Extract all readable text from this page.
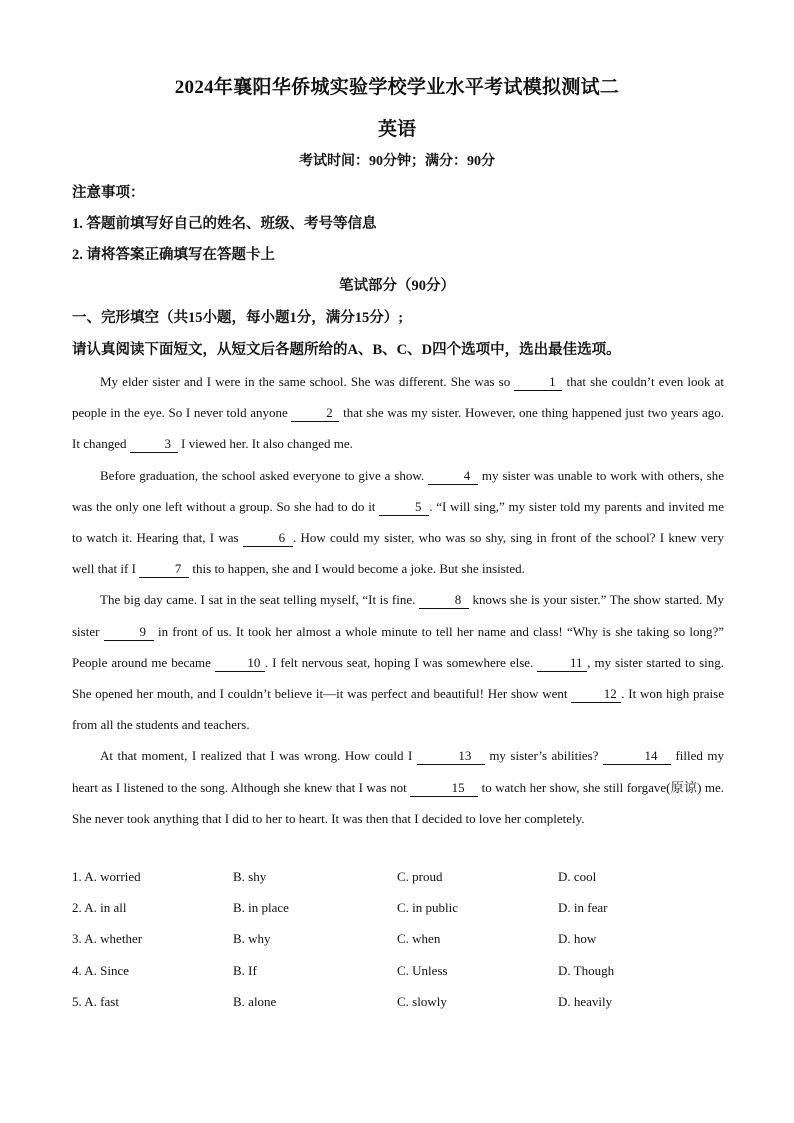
2024年襄阳华侨城实验学校学业水平考试模拟测试二
英语
考试时间：90分钟；满分：90分
注意事项：
1. 答题前填写好自己的姓名、班级、考号等信息
2. 请将答案正确填写在答题卡上
笔试部分（90分）
一、完形填空（共15小题，每小题1分，满分15分）;
请认真阅读下面短文，从短文后各题所给的A、B、C、D四个选项中，选出最佳选项。

My elder sister and I were in the same school. She was different. She was so	1 that she couldn’t even look at people in the eye. So I never told anyone	2 that she was my sister. However, one thing happened just two years ago. It changed	3 I viewed her. It also changed me.

Before graduation, the school asked everyone to give a show.	4 my sister was unable to work with others, she was the only one left without a group. So she had to do it	5 . “I will sing,” my sister told my parents and invited me to watch it. Hearing that, I was	6 . How could my sister, who was so shy, sing in front of the school? I knew very well that if I	7 this to happen, she and I would become a joke. But she insisted.

The big day came. I sat in the seat telling myself, “It is fine.	8 knows she is your sister.” The show started. My sister	9 in front of us. It took her almost a whole minute to tell her name and class! “Why is she taking so long?” People around me became	10 . I felt nervous seat, hoping I was somewhere else.	11 , my sister started to sing. She opened her mouth, and I couldn’t believe it—it was perfect and beautiful! Her show went	12 . It won high praise from all the students and teachers.

At that moment, I realized that I was wrong. How could I	13 my sister’s abilities?	14 filled my heart as I listened to the song. Although she knew that I was not	15 to watch her show, she still forgave(原谅) me. She never took anything that I did to her to heart. It was then that I decided to love her completely.

1. A. worried	B. shy	C. proud	D. cool
2. A. in all	B. in place	C. in public	D. in fear
3. A. whether	B. why	C. when	D. how
4. A. Since	B. If	C. Unless	D. Though
5. A. fast	B. alone	C. slowly	D. heavily
